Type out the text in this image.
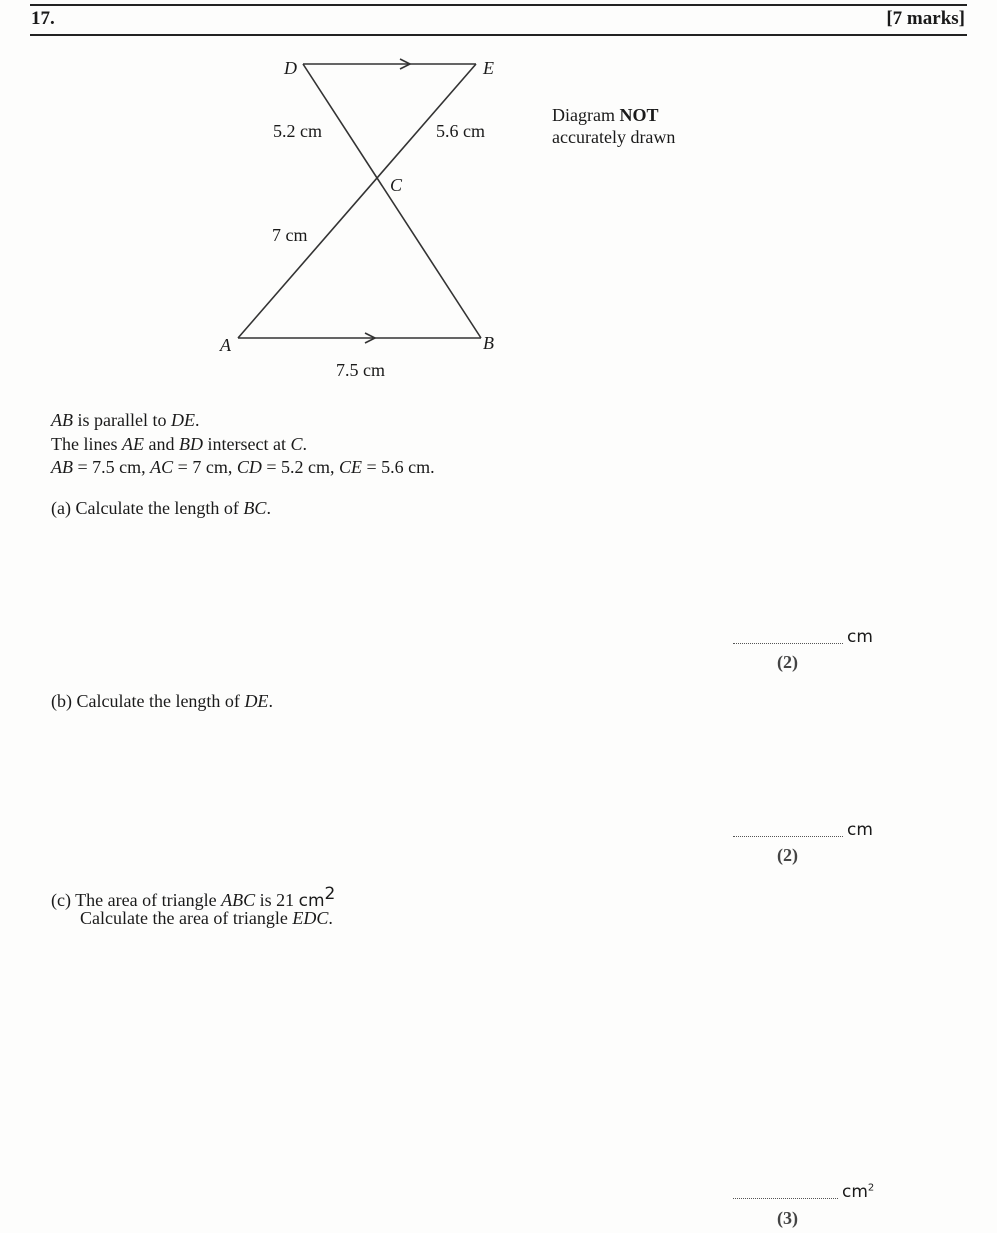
17.	[7 marks]
D	E
C
A	B
5.2 cm	5.6 cm
7 cm
7.5 cm
Diagram NOT
accurately drawn
AB is parallel to DE.
The lines AE and BD intersect at C.
AB = 7.5 cm, AC = 7 cm, CD = 5.2 cm, CE = 5.6 cm.
(a) Calculate the length of BC.
cm
(2)
(b) Calculate the length of DE.
cm
(2)
(c) The area of triangle ABC is 21 $cm^2$
Calculate the area of triangle EDC.
$cm^2$
(3)
